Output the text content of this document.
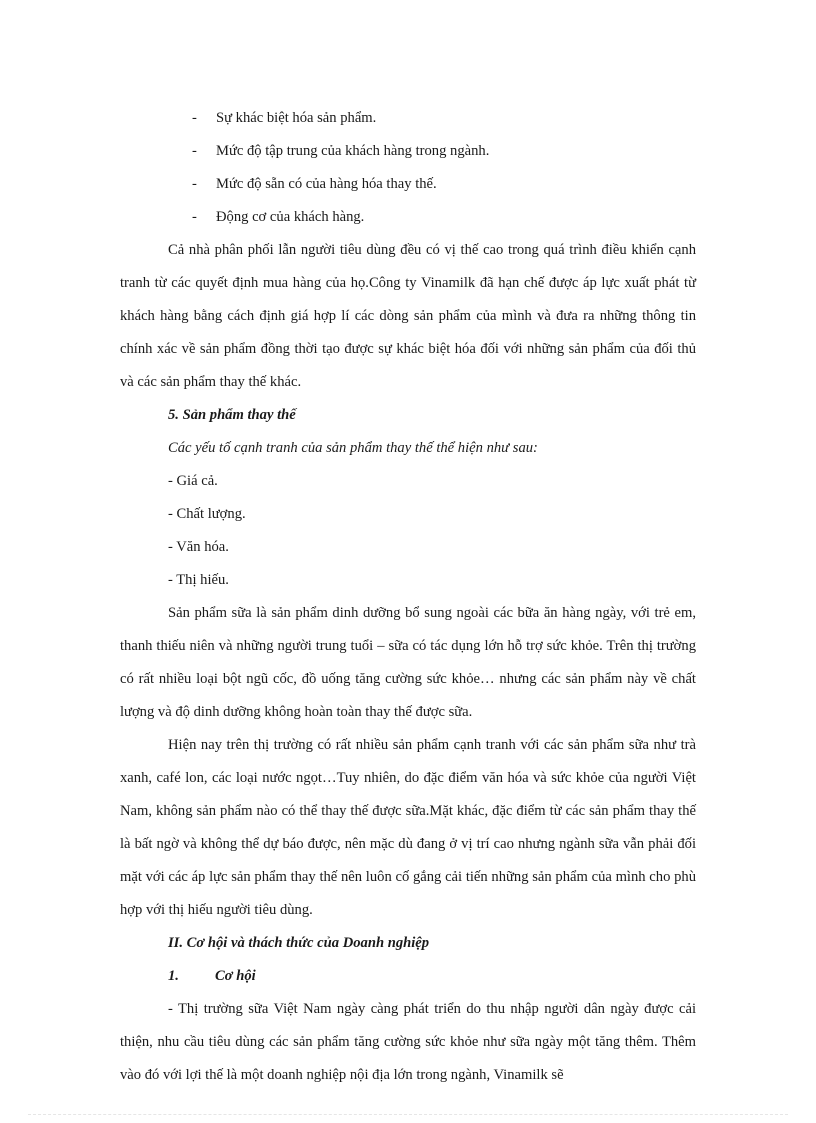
-	Sự khác biệt hóa sản phẩm.
-	Mức độ tập trung của khách hàng trong ngành.
-	Mức độ sẵn có của hàng hóa thay thế.
-	Động cơ của khách hàng.

Cả nhà phân phối lẫn người tiêu dùng đều có vị thế cao trong quá trình điều khiển cạnh tranh từ các quyết định mua hàng của họ.Công ty Vinamilk đã hạn chế được áp lực xuất phát từ khách hàng bằng cách định giá hợp lí các dòng sản phẩm của mình và đưa ra những thông tin chính xác về sản phẩm đồng thời tạo được sự khác biệt hóa đối với những sản phẩm của đối thủ và các sản phẩm thay thế khác.

5. Sản phẩm thay thế
Các yếu tố cạnh tranh của sản phẩm thay thế thể hiện như sau:
- Giá cả.
- Chất lượng.
- Văn hóa.
- Thị hiếu.

Sản phẩm sữa là sản phẩm dinh dưỡng bổ sung ngoài các bữa ăn hàng ngày, với trẻ em, thanh thiếu niên và những người trung tuổi – sữa có tác dụng lớn hỗ trợ sức khỏe. Trên thị trường có rất nhiều loại bột ngũ cốc, đồ uống tăng cường sức khỏe… nhưng các sản phẩm này về chất lượng và độ dinh dưỡng không hoàn toàn thay thế được sữa.

Hiện nay trên thị trường có rất nhiều sản phẩm cạnh tranh với các sản phẩm sữa như trà xanh, café lon, các loại nước ngọt…Tuy nhiên, do đặc điểm văn hóa và sức khỏe của người Việt Nam, không sản phẩm nào có thể thay thế được sữa.Mặt khác, đặc điểm từ các sản phẩm thay thế là bất ngờ và không thể dự báo được, nên mặc dù đang ở vị trí cao nhưng ngành sữa vẫn phải đối mặt với các áp lực sản phẩm thay thế nên luôn cố gắng cải tiến những sản phẩm của mình cho phù hợp với thị hiếu người tiêu dùng.

II. Cơ hội và thách thức của Doanh nghiệp
1.	Cơ hội

- Thị trường sữa Việt Nam ngày càng phát triển do thu nhập người dân ngày được cải thiện, nhu cầu tiêu dùng các sản phẩm tăng cường sức khỏe như sữa ngày một tăng thêm. Thêm vào đó với lợi thế là một doanh nghiệp nội địa lớn trong ngành, Vinamilk sẽ
